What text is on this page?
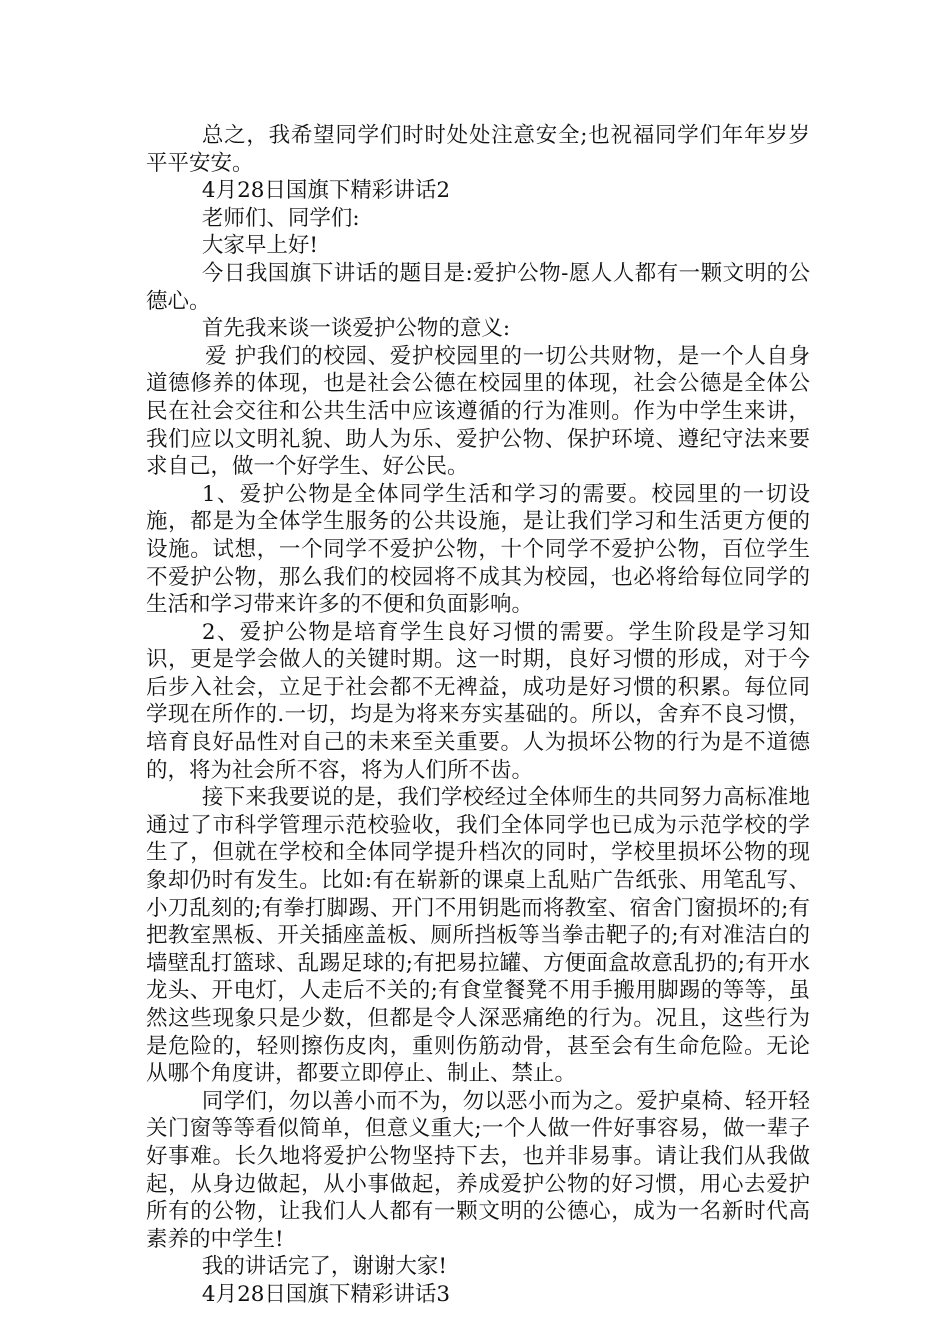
总之，我希望同学们时时处处注意安全;也祝福同学们年年岁岁平平安安。

4月28日国旗下精彩讲话2

老师们、同学们:

大家早上好!

今日我国旗下讲话的题目是:爱护公物-愿人人都有一颗文明的公德心。

首先我来谈一谈爱护公物的意义:

爱 护我们的校园、爱护校园里的一切公共财物，是一个人自身道德修养的体现，也是社会公德在校园里的体现，社会公德是全体公民在社会交往和公共生活中应该遵循的行为准则。作为中学生来讲，我们应以文明礼貌、助人为乐、爱护公物、保护环境、遵纪守法来要求自己，做一个好学生、好公民。

1、爱护公物是全体同学生活和学习的需要。校园里的一切设施，都是为全体学生服务的公共设施，是让我们学习和生活更方便的设施。试想，一个同学不爱护公物，十个同学不爱护公物，百位学生不爱护公物，那么我们的校园将不成其为校园，也必将给每位同学的生活和学习带来许多的不便和负面影响。

2、爱护公物是培育学生良好习惯的需要。学生阶段是学习知识，更是学会做人的关键时期。这一时期，良好习惯的形成，对于今后步入社会，立足于社会都不无裨益，成功是好习惯的积累。每位同学现在所作的.一切，均是为将来夯实基础的。所以，舍弃不良习惯，培育良好品性对自己的未来至关重要。人为损坏公物的行为是不道德的，将为社会所不容，将为人们所不齿。

接下来我要说的是，我们学校经过全体师生的共同努力高标准地通过了市科学管理示范校验收，我们全体同学也已成为示范学校的学生了，但就在学校和全体同学提升档次的同时，学校里损坏公物的现象却仍时有发生。比如:有在崭新的课桌上乱贴广告纸张、用笔乱写、小刀乱刻的;有拳打脚踢、开门不用钥匙而将教室、宿舍门窗损坏的;有把教室黑板、开关插座盖板、厕所挡板等当拳击靶子的;有对准洁白的墙壁乱打篮球、乱踢足球的;有把易拉罐、方便面盒故意乱扔的;有开水龙头、开电灯，人走后不关的;有食堂餐凳不用手搬用脚踢的等等，虽然这些现象只是少数，但都是令人深恶痛绝的行为。况且，这些行为是危险的，轻则擦伤皮肉，重则伤筋动骨，甚至会有生命危险。无论从哪个角度讲，都要立即停止、制止、禁止。

同学们，勿以善小而不为，勿以恶小而为之。爱护桌椅、轻开轻关门窗等等看似简单，但意义重大;一个人做一件好事容易，做一辈子好事难。长久地将爱护公物坚持下去，也并非易事。请让我们从我做起，从身边做起，从小事做起，养成爱护公物的好习惯，用心去爱护所有的公物，让我们人人都有一颗文明的公德心，成为一名新时代高素养的中学生!

我的讲话完了，谢谢大家!

4月28日国旗下精彩讲话3
